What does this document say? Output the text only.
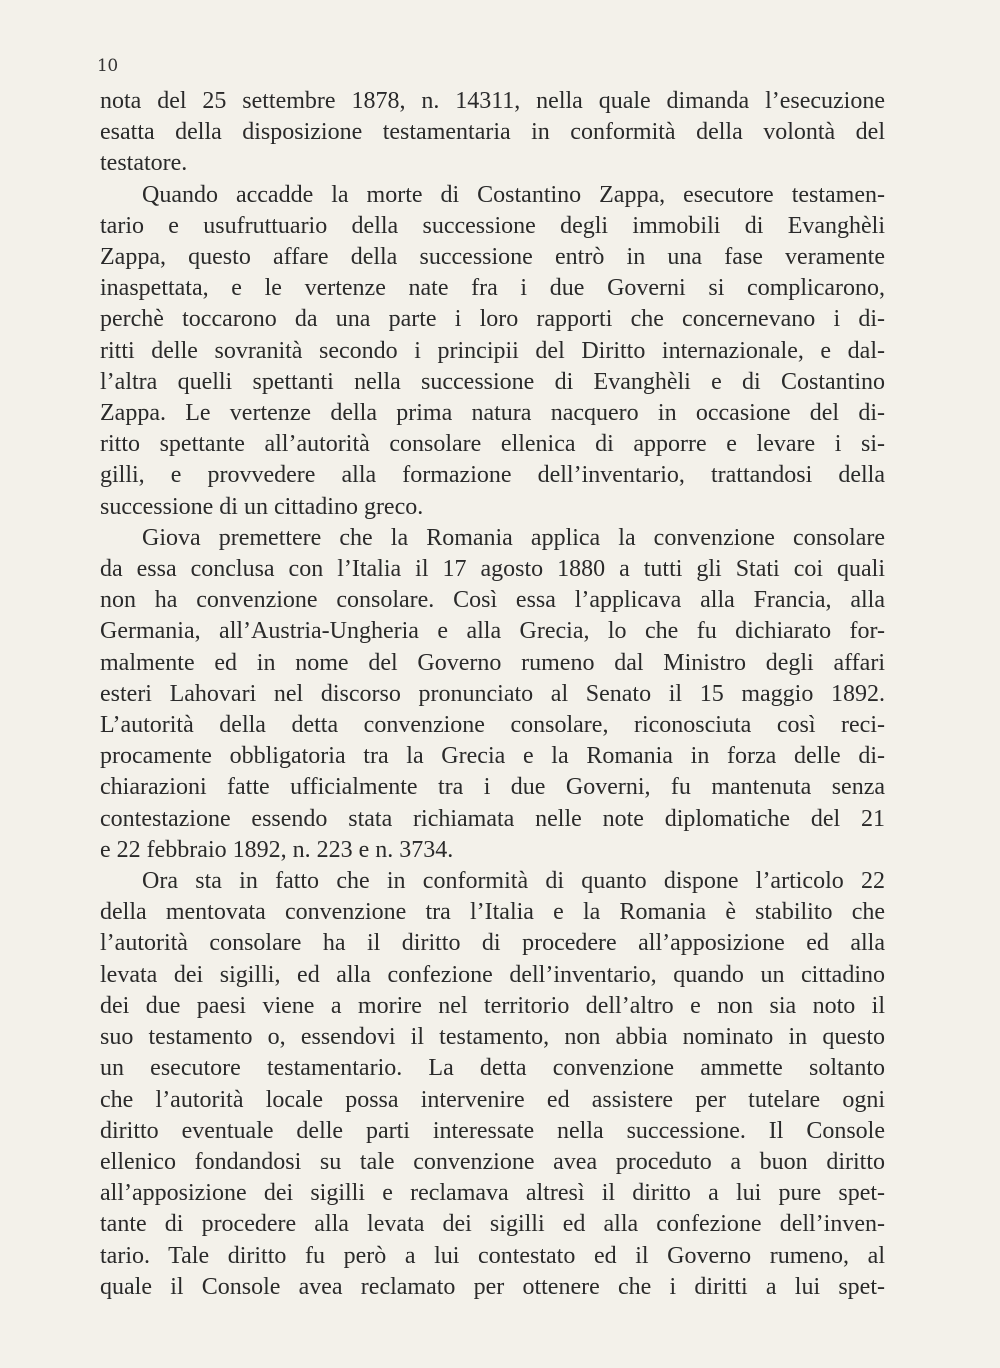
10
nota del 25 settembre 1878, n. 14311, nella quale dimanda l’esecuzione
esatta della disposizione testamentaria in conformità della volontà del
testatore.
Quando accadde la morte di Costantino Zappa, esecutore testamen-
tario e usufruttuario della successione degli immobili di Evanghèli
Zappa, questo affare della successione entrò in una fase veramente
inaspettata, e le vertenze nate fra i due Governi si complicarono,
perchè toccarono da una parte i loro rapporti che concernevano i di-
ritti delle sovranità secondo i principii del Diritto internazionale, e dal-
l’altra quelli spettanti nella successione di Evanghèli e di Costantino
Zappa. Le vertenze della prima natura nacquero in occasione del di-
ritto spettante all’autorità consolare ellenica di apporre e levare i si-
gilli, e provvedere alla formazione dell’inventario, trattandosi della
successione di un cittadino greco.
Giova premettere che la Romania applica la convenzione consolare
da essa conclusa con l’Italia il 17 agosto 1880 a tutti gli Stati coi quali
non ha convenzione consolare. Così essa l’applicava alla Francia, alla
Germania, all’Austria-Ungheria e alla Grecia, lo che fu dichiarato for-
malmente ed in nome del Governo rumeno dal Ministro degli affari
esteri Lahovari nel discorso pronunciato al Senato il 15 maggio 1892.
L’autorità della detta convenzione consolare, riconosciuta così reci-
procamente obbligatoria tra la Grecia e la Romania in forza delle di-
chiarazioni fatte ufficialmente tra i due Governi, fu mantenuta senza
contestazione essendo stata richiamata nelle note diplomatiche del 21
e 22 febbraio 1892, n. 223 e n. 3734.
Ora sta in fatto che in conformità di quanto dispone l’articolo 22
della mentovata convenzione tra l’Italia e la Romania è stabilito che
l’autorità consolare ha il diritto di procedere all’apposizione ed alla
levata dei sigilli, ed alla confezione dell’inventario, quando un cittadino
dei due paesi viene a morire nel territorio dell’altro e non sia noto il
suo testamento o, essendovi il testamento, non abbia nominato in questo
un esecutore testamentario. La detta convenzione ammette soltanto
che l’autorità locale possa intervenire ed assistere per tutelare ogni
diritto eventuale delle parti interessate nella successione. Il Console
ellenico fondandosi su tale convenzione avea proceduto a buon diritto
all’apposizione dei sigilli e reclamava altresì il diritto a lui pure spet-
tante di procedere alla levata dei sigilli ed alla confezione dell’inven-
tario. Tale diritto fu però a lui contestato ed il Governo rumeno, al
quale il Console avea reclamato per ottenere che i diritti a lui spet-
